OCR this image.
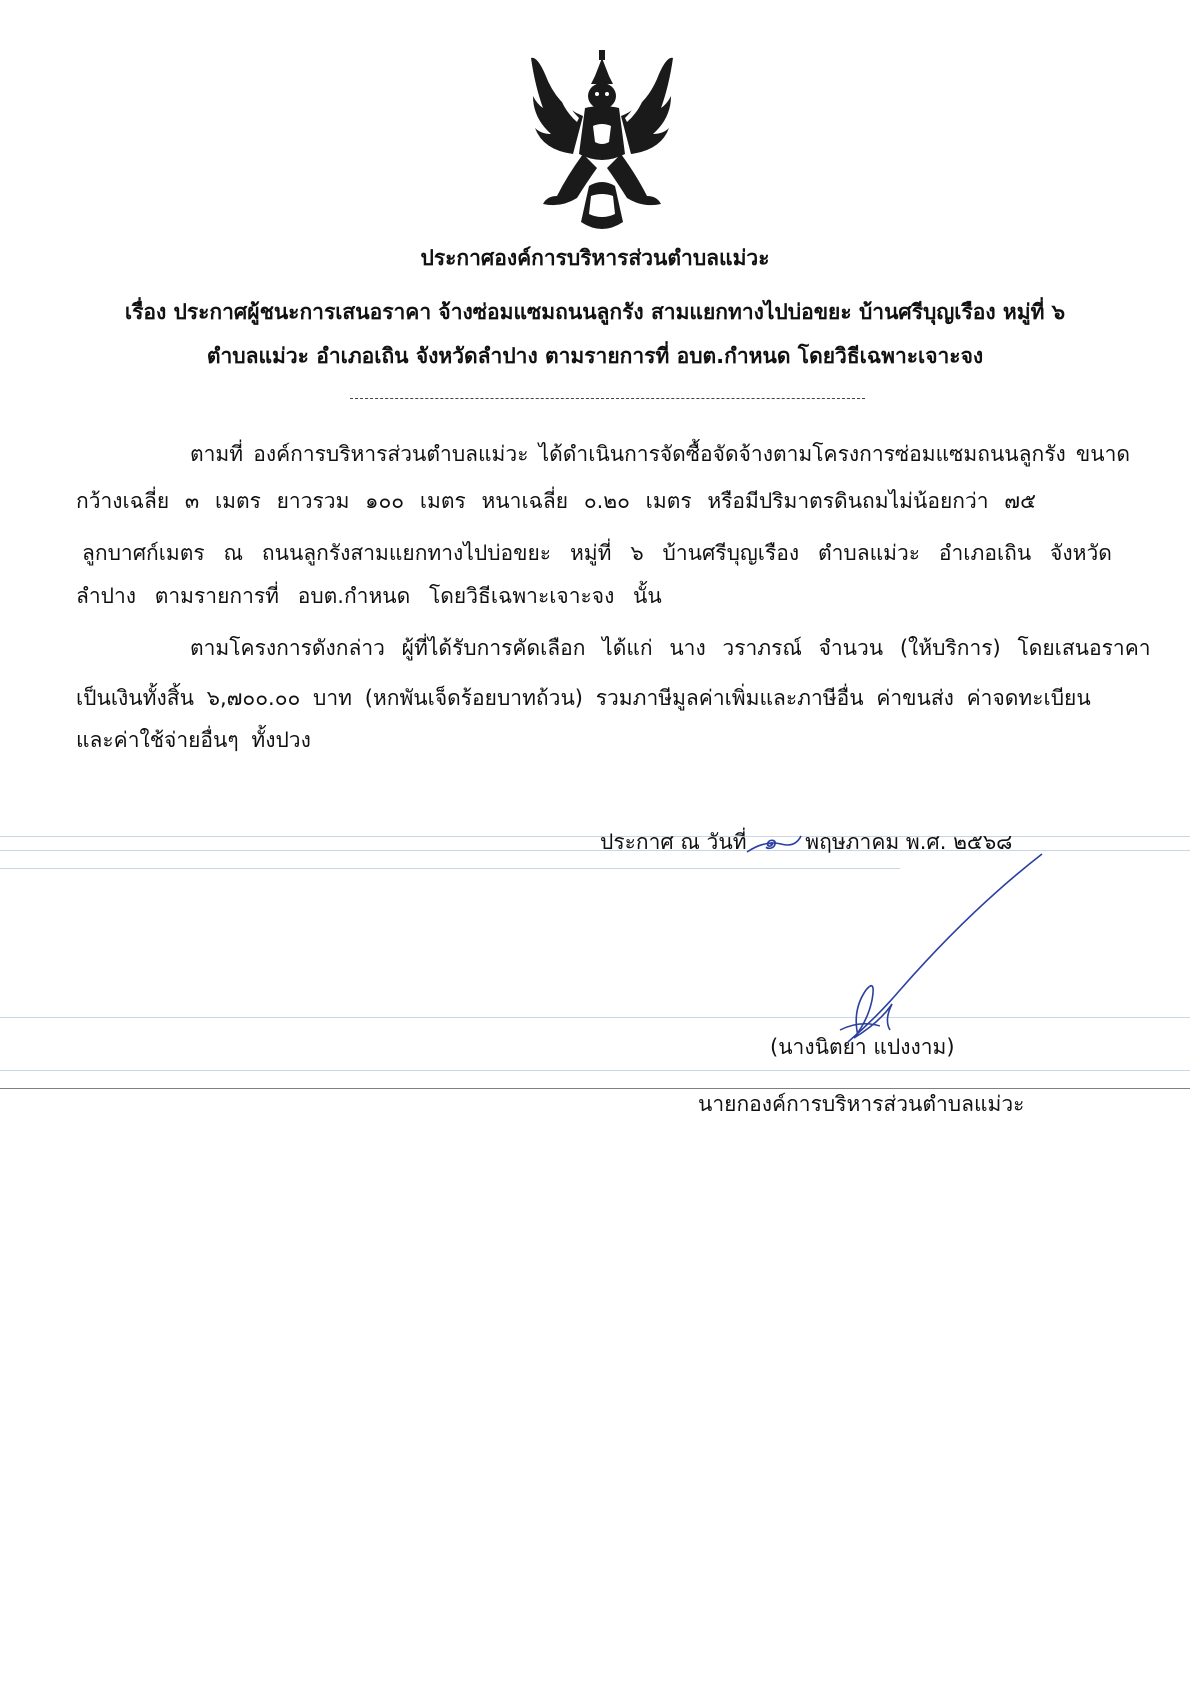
ประกาศองค์การบริหารส่วนตำบลแม่วะ
เรื่อง ประกาศผู้ชนะการเสนอราคา จ้างซ่อมแซมถนนลูกรัง สามแยกทางไปบ่อขยะ บ้านศรีบุญเรือง หมู่ที่ ๖
ตำบลแม่วะ อำเภอเถิน จังหวัดลำปาง ตามรายการที่ อบต.กำหนด โดยวิธีเฉพาะเจาะจง
ตามที่ องค์การบริหารส่วนตำบลแม่วะ ได้ดำเนินการจัดซื้อจัดจ้างตามโครงการซ่อมแซมถนนลูกรัง ขนาด
กว้างเฉลี่ย ๓ เมตร ยาวรวม ๑๐๐ เมตร หนาเฉลี่ย ๐.๒๐ เมตร หรือมีปริมาตรดินถมไม่น้อยกว่า ๗๕
ลูกบาศก์เมตร ณ ถนนลูกรังสามแยกทางไปบ่อขยะ หมู่ที่ ๖ บ้านศรีบุญเรือง ตำบลแม่วะ อำเภอเถิน จังหวัด
ลำปาง ตามรายการที่ อบต.กำหนด โดยวิธีเฉพาะเจาะจง นั้น
ตามโครงการดังกล่าว ผู้ที่ได้รับการคัดเลือก ได้แก่ นาง วราภรณ์ จำนวน (ให้บริการ) โดยเสนอราคา
เป็นเงินทั้งสิ้น ๖,๗๐๐.๐๐ บาท (หกพันเจ็ดร้อยบาทถ้วน) รวมภาษีมูลค่าเพิ่มและภาษีอื่น ค่าขนส่ง ค่าจดทะเบียน
และค่าใช้จ่ายอื่นๆ ทั้งปวง
ประกาศ ณ วันที่ ๑ พฤษภาคม พ.ศ. ๒๕๖๘
(นางนิตยา แปงงาม)
นายกองค์การบริหารส่วนตำบลแม่วะ
